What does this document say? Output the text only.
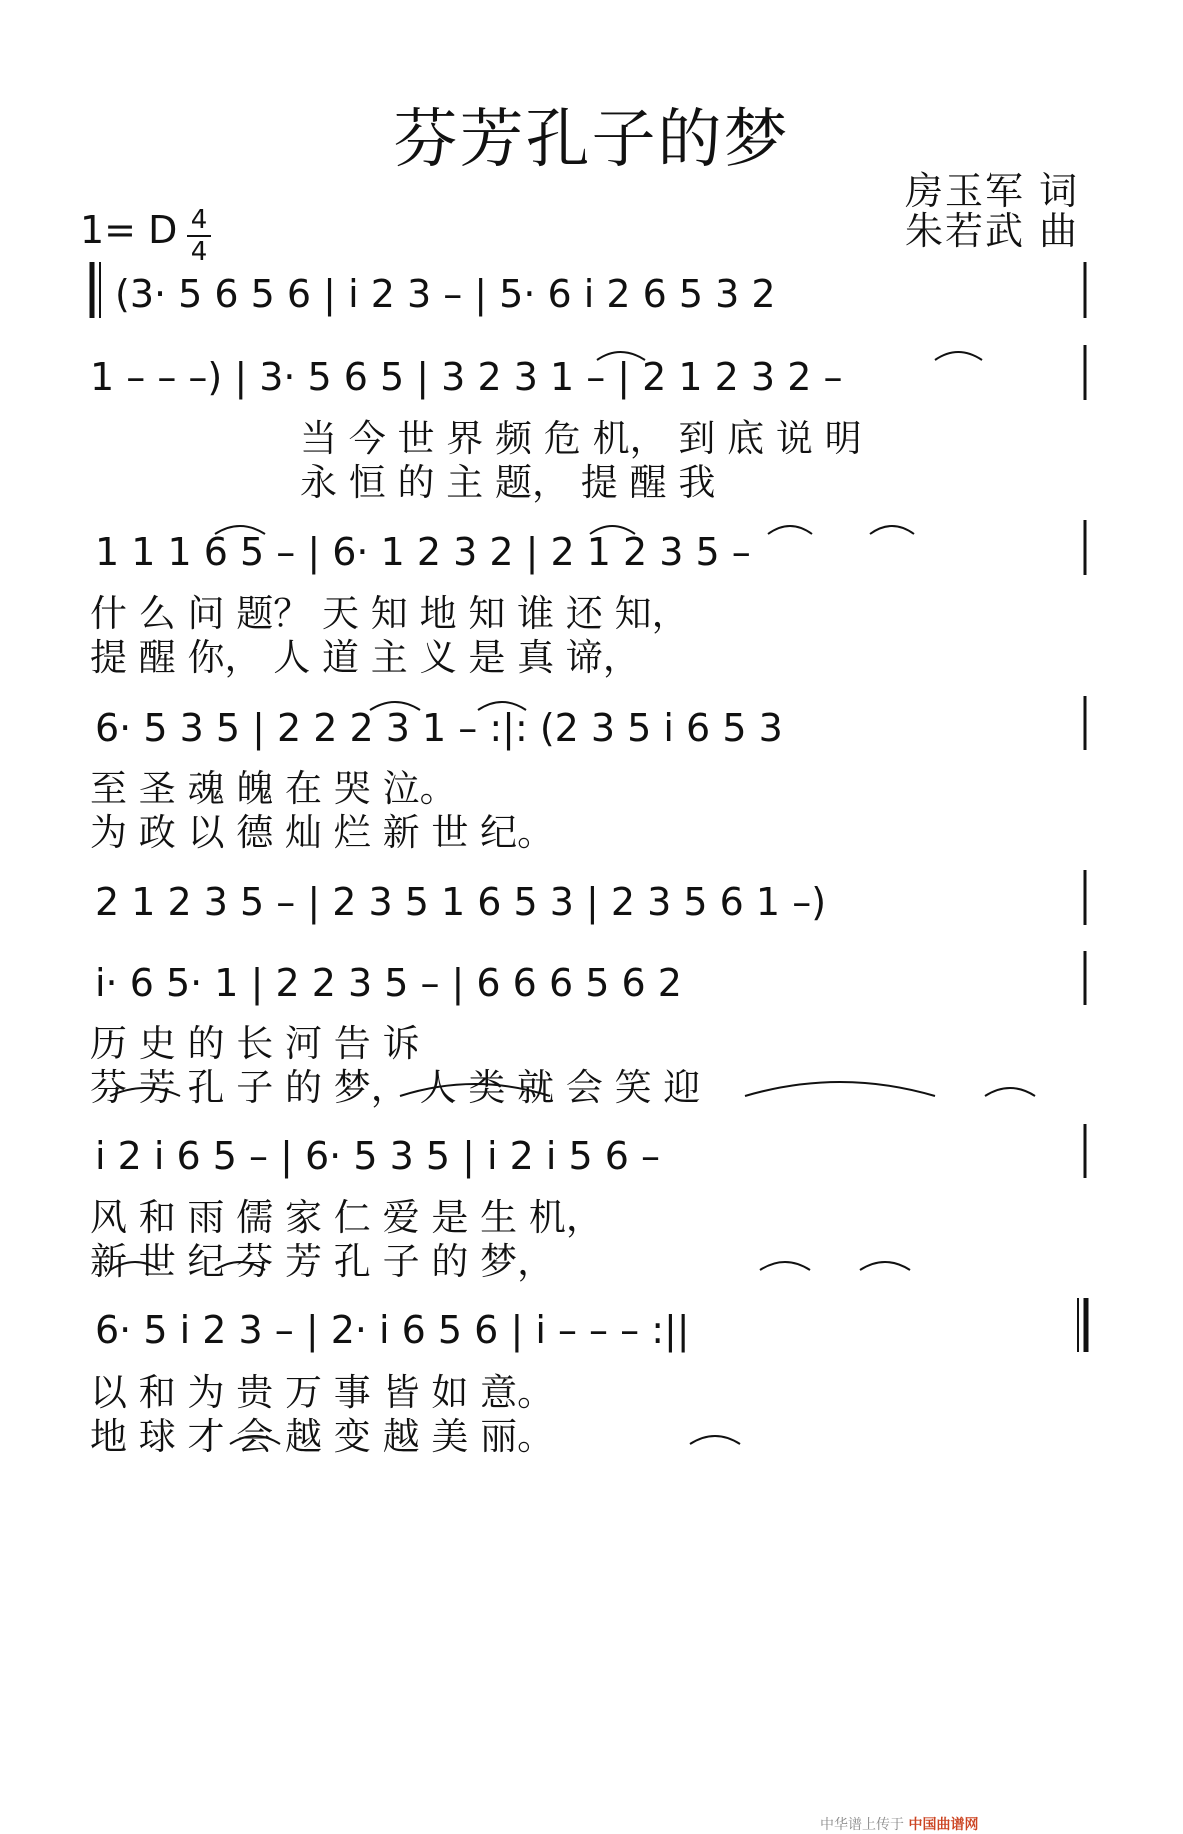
芬芳孔子的梦
1= D 4
4
房玉军 词
朱若武 曲
(3· 5 6 5 6 | i 2 3 – | 5· 6 i 2 6 5 3 2
1 – – –) | 3· 5 6 5 | 3 2 3 1 – | 2 1 2 3 2 –
当 今 世 界 频 危 机， 到 底 说 明
永 恒 的 主 题， 提 醒 我
1 1 1 6 5 – | 6· 1 2 3 2 | 2 1 2 3 5 –
什 么 问 题？ 天 知 地 知 谁 还 知，
提 醒 你， 人 道 主 义 是 真 谛，
6· 5 3 5 | 2 2 2 3 1 – :|: (2 3 5 i 6 5 3
至 圣 魂 魄 在 哭 泣。
为 政 以 德 灿 烂 新 世 纪。
2 1 2 3 5 – | 2 3 5 1 6 5 3 | 2 3 5 6 1 –)
i· 6 5· 1 | 2 2 3 5 – | 6 6 6 5 6 2
历 史 的 长 河 告 诉
芬 芳 孔 子 的 梦， 人 类 就 会 笑 迎
i 2 i 6 5 – | 6· 5 3 5 | i 2 i 5 6 –
风 和 雨 儒 家 仁 爱 是 生 机，
新 世 纪 芬 芳 孔 子 的 梦，
6· 5 i 2 3 – | 2· i 6 5 6 | i – – – :||
以 和 为 贵 万 事 皆 如 意。
地 球 才 会 越 变 越 美 丽。
中华谱上传于 中国曲谱网
